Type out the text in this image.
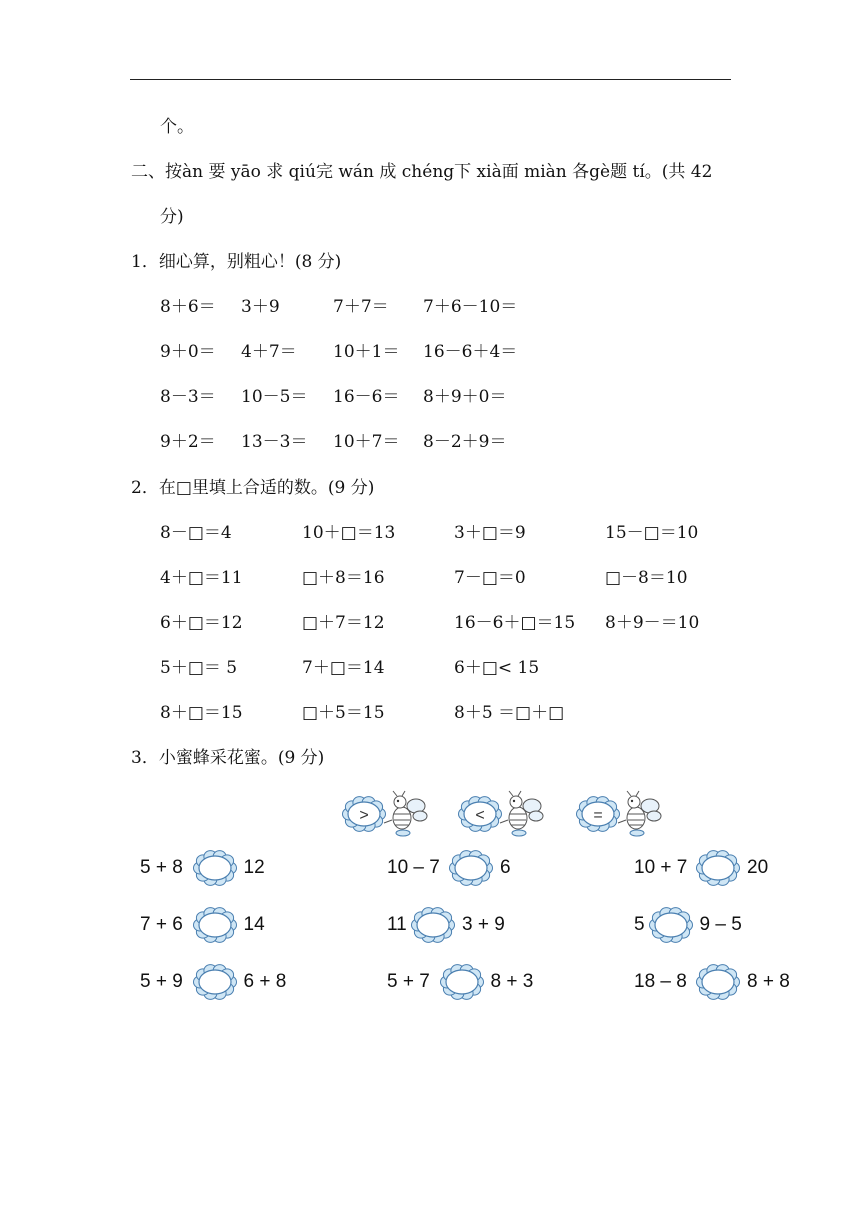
个。
二、按àn 要 yāo 求 qiú完 wán 成 chéng下 xià面 miàn 各gè题 tí。(共 42
分)
1．细心算，别粗心！(8 分)
8＋6＝ 3＋9	7＋7＝ 7＋6－10＝
9＋0＝ 4＋7＝ 10＋1＝ 16－6＋4＝
8－3＝ 10－5＝ 16－6＝ 8＋9＋0＝
9＋2＝ 13－3＝ 10＋7＝ 8－2＋9＝
2．在□里填上合适的数。(9 分)
8－□＝4	10＋□＝13	3＋□＝9	15－□＝10
4＋□＝11	□＋8＝16	7－□＝0	□－8＝10
6＋□＝12	□＋7＝12	16－6＋□＝15 8＋9－＝10
5＋□＝ 5	7＋□＝14	6＋□< 15
8＋□＝15	□＋5＝15	8＋5 ＝□＋□
3．小蜜蜂采花蜜。(9 分)
>	<	=
5 + 8	12	10 – 7	6	10 + 7	20
7 + 6	14	11	3 + 9	5	9 – 5
5 + 9	6 + 8	5 + 7	8 + 3	18 – 8	8 + 8
